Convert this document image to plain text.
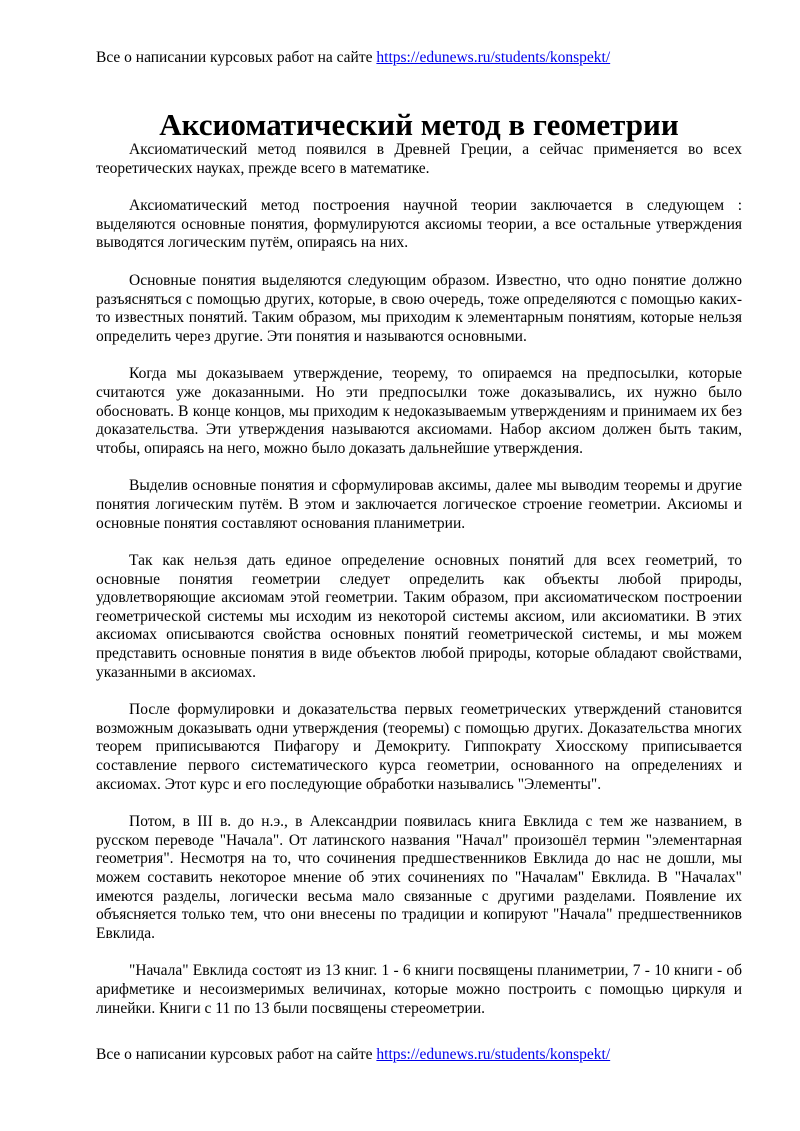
Все о написании курсовых работ на сайте https://edunews.ru/students/konspekt/
Аксиоматический метод в геометрии

Аксиоматический метод появился в Древней Греции, а сейчас применяется во всех теоретических науках, прежде всего в математике.

Аксиоматический метод построения научной теории заключается в следующем : выделяются основные понятия, формулируются аксиомы теории, а все остальные утверждения выводятся логическим путём, опираясь на них.

Основные понятия выделяются следующим образом. Известно, что одно понятие должно разъясняться с помощью других, которые, в свою очередь, тоже определяются с помощью каких-то известных понятий. Таким образом, мы приходим к элементарным понятиям, которые нельзя определить через другие. Эти понятия и называются основными.

Когда мы доказываем утверждение, теорему, то опираемся на предпосылки, которые считаются уже доказанными. Но эти предпосылки тоже доказывались, их нужно было обосновать. В конце концов, мы приходим к недоказываемым утверждениям и принимаем их без доказательства. Эти утверждения называются аксиомами. Набор аксиом должен быть таким, чтобы, опираясь на него, можно было доказать дальнейшие утверждения.

Выделив основные понятия и сформулировав аксимы, далее мы выводим теоремы и другие понятия логическим путём. В этом и заключается логическое строение геометрии. Аксиомы и основные понятия составляют основания планиметрии.

Так как нельзя дать единое определение основных понятий для всех геометрий, то основные понятия геометрии следует определить как объекты любой природы, удовлетворяющие аксиомам этой геометрии. Таким образом, при аксиоматическом построении геометрической системы мы исходим из некоторой системы аксиом, или аксиоматики. В этих аксиомах описываются свойства основных понятий геометрической системы, и мы можем представить основные понятия в виде объектов любой природы, которые обладают свойствами, указанными в аксиомах.

После формулировки и доказательства первых геометрических утверждений становится возможным доказывать одни утверждения (теоремы) с помощью других. Доказательства многих теорем приписываются Пифагору и Демокриту. Гиппократу Хиосскому приписывается составление первого систематического курса геометрии, основанного на определениях и аксиомах. Этот курс и его последующие обработки назывались "Элементы".

Потом, в III в. до н.э., в Александрии появилась книга Евклида с тем же названием, в русском переводе "Начала". От латинского названия "Начал" произошёл термин "элементарная геометрия". Несмотря на то, что сочинения предшественников Евклида до нас не дошли, мы можем составить некоторое мнение об этих сочинениях по "Началам" Евклида. В "Началах" имеются разделы, логически весьма мало связанные с другими разделами. Появление их объясняется только тем, что они внесены по традиции и копируют "Начала" предшественников Евклида.

"Начала" Евклида состоят из 13 книг. 1 - 6 книги посвящены планиметрии, 7 - 10 книги - об арифметике и несоизмеримых величинах, которые можно построить с помощью циркуля и линейки. Книги с 11 по 13 были посвящены стереометрии.

Все о написании курсовых работ на сайте https://edunews.ru/students/konspekt/
